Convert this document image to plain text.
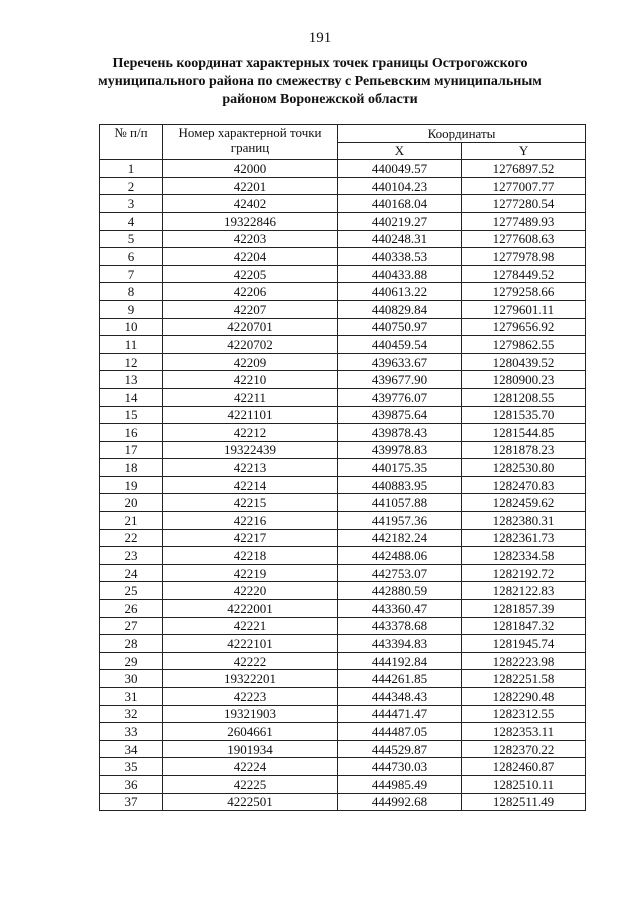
191
Перечень координат характерных точек границы Острогожского
муниципального района по смежеству с Репьевским муниципальным
районом Воронежской области
№ п/п	Номер характерной точки границ	Координаты	
		X	Y
1	42000	440049.57	1276897.52
2	42201	440104.23	1277007.77
3	42402	440168.04	1277280.54
4	19322846	440219.27	1277489.93
5	42203	440248.31	1277608.63
6	42204	440338.53	1277978.98
7	42205	440433.88	1278449.52
8	42206	440613.22	1279258.66
9	42207	440829.84	1279601.11
10	4220701	440750.97	1279656.92
11	4220702	440459.54	1279862.55
12	42209	439633.67	1280439.52
13	42210	439677.90	1280900.23
14	42211	439776.07	1281208.55
15	4221101	439875.64	1281535.70
16	42212	439878.43	1281544.85
17	19322439	439978.83	1281878.23
18	42213	440175.35	1282530.80
19	42214	440883.95	1282470.83
20	42215	441057.88	1282459.62
21	42216	441957.36	1282380.31
22	42217	442182.24	1282361.73
23	42218	442488.06	1282334.58
24	42219	442753.07	1282192.72
25	42220	442880.59	1282122.83
26	4222001	443360.47	1281857.39
27	42221	443378.68	1281847.32
28	4222101	443394.83	1281945.74
29	42222	444192.84	1282223.98
30	19322201	444261.85	1282251.58
31	42223	444348.43	1282290.48
32	19321903	444471.47	1282312.55
33	2604661	444487.05	1282353.11
34	1901934	444529.87	1282370.22
35	42224	444730.03	1282460.87
36	42225	444985.49	1282510.11
37	4222501	444992.68	1282511.49
